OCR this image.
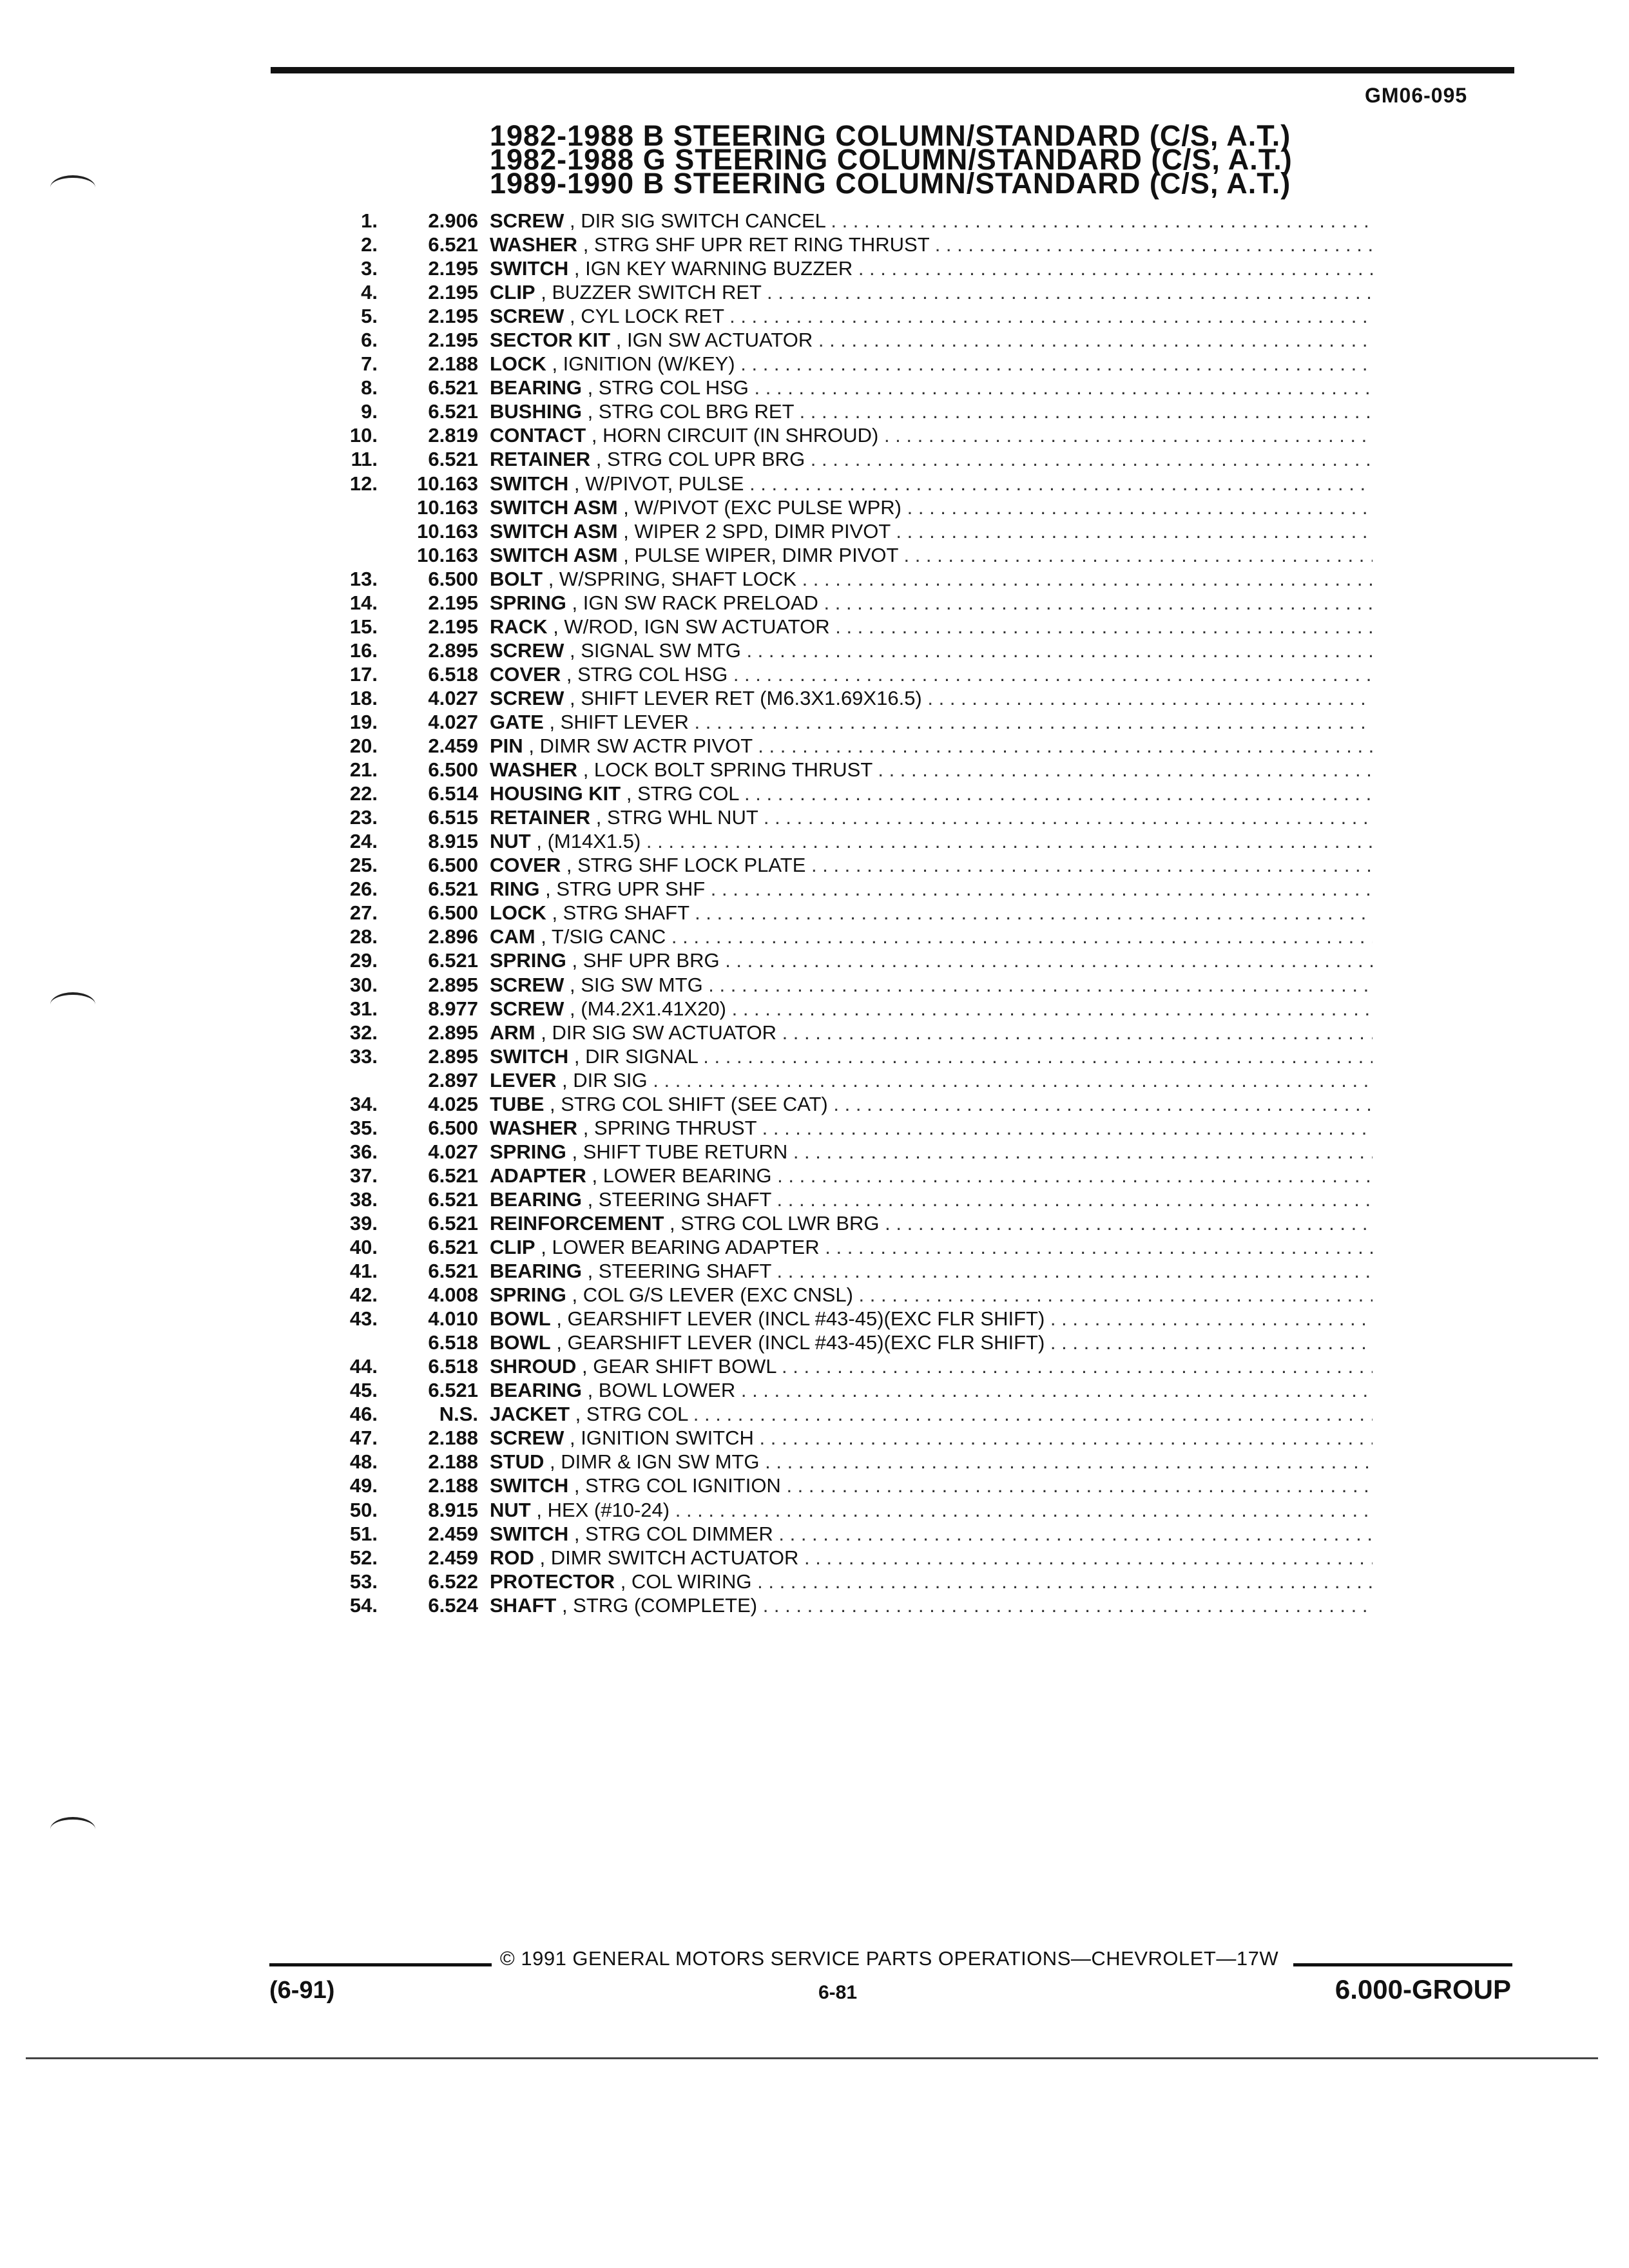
GM06-095
1982-1988 B STEERING COLUMN/STANDARD (C/S, A.T.)
1982-1988 G STEERING COLUMN/STANDARD (C/S, A.T.)
1989-1990 B STEERING COLUMN/STANDARD (C/S, A.T.)
1.	2.906 SCREW , DIR SIG SWITCH CANCEL . . .
2.	6.521 WASHER , STRG SHF UPR RET RING THRUST . . .
3.	2.195 SWITCH , IGN KEY WARNING BUZZER . . .
4.	2.195 CLIP , BUZZER SWITCH RET . . .
5.	2.195 SCREW , CYL LOCK RET . . .
6.	2.195 SECTOR KIT , IGN SW ACTUATOR . . .
7.	2.188 LOCK , IGNITION (W/KEY) . . .
8.	6.521 BEARING , STRG COL HSG . . .
9.	6.521 BUSHING , STRG COL BRG RET . . .
10.	2.819 CONTACT , HORN CIRCUIT (IN SHROUD) . . .
11.	6.521 RETAINER , STRG COL UPR BRG . . .
12.	10.163 SWITCH , W/PIVOT, PULSE . . .
10.163 SWITCH ASM , W/PIVOT (EXC PULSE WPR) . . .
10.163 SWITCH ASM , WIPER 2 SPD, DIMR PIVOT . . .
10.163 SWITCH ASM , PULSE WIPER, DIMR PIVOT . . .
13.	6.500 BOLT , W/SPRING, SHAFT LOCK . . .
14.	2.195 SPRING , IGN SW RACK PRELOAD . . .
15.	2.195 RACK , W/ROD, IGN SW ACTUATOR . . .
16.	2.895 SCREW , SIGNAL SW MTG . . .
17.	6.518 COVER , STRG COL HSG . . .
18.	4.027 SCREW , SHIFT LEVER RET (M6.3X1.69X16.5) . . .
19.	4.027 GATE , SHIFT LEVER . . .
20.	2.459 PIN , DIMR SW ACTR PIVOT . . .
21.	6.500 WASHER , LOCK BOLT SPRING THRUST . . .
22.	6.514 HOUSING KIT , STRG COL . . .
23.	6.515 RETAINER , STRG WHL NUT . . .
24.	8.915 NUT , (M14X1.5) . . .
25.	6.500 COVER , STRG SHF LOCK PLATE . . .
26.	6.521 RING , STRG UPR SHF . . .
27.	6.500 LOCK , STRG SHAFT . . .
28.	2.896 CAM , T/SIG CANC . . .
29.	6.521 SPRING , SHF UPR BRG . . .
30.	2.895 SCREW , SIG SW MTG . . .
31.	8.977 SCREW , (M4.2X1.41X20) . . .
32.	2.895 ARM , DIR SIG SW ACTUATOR . . .
33.	2.895 SWITCH , DIR SIGNAL . . .
2.897 LEVER , DIR SIG . . .
34.	4.025 TUBE , STRG COL SHIFT (SEE CAT) . . .
35.	6.500 WASHER , SPRING THRUST . . .
36.	4.027 SPRING , SHIFT TUBE RETURN . . .
37.	6.521 ADAPTER , LOWER BEARING . . .
38.	6.521 BEARING , STEERING SHAFT . . .
39.	6.521 REINFORCEMENT , STRG COL LWR BRG . . .
40.	6.521 CLIP , LOWER BEARING ADAPTER . . .
41.	6.521 BEARING , STEERING SHAFT . . .
42.	4.008 SPRING , COL G/S LEVER (EXC CNSL) . . .
43.	4.010 BOWL , GEARSHIFT LEVER (INCL #43-45)(EXC FLR SHIFT) . . .
6.518 BOWL , GEARSHIFT LEVER (INCL #43-45)(EXC FLR SHIFT) . . .
44.	6.518 SHROUD , GEAR SHIFT BOWL . . .
45.	6.521 BEARING , BOWL LOWER . . .
46.	N.S. JACKET , STRG COL . . .
47.	2.188 SCREW , IGNITION SWITCH . . .
48.	2.188 STUD , DIMR & IGN SW MTG . . .
49.	2.188 SWITCH , STRG COL IGNITION . . .
50.	8.915 NUT , HEX (#10-24) . . .
51.	2.459 SWITCH , STRG COL DIMMER . . .
52.	2.459 ROD , DIMR SWITCH ACTUATOR . . .
53.	6.522 PROTECTOR , COL WIRING . . .
54.	6.524 SHAFT , STRG (COMPLETE) . . .
© 1991 GENERAL MOTORS SERVICE PARTS OPERATIONS—CHEVROLET—17W
(6-91)	6-81	6.000-GROUP
